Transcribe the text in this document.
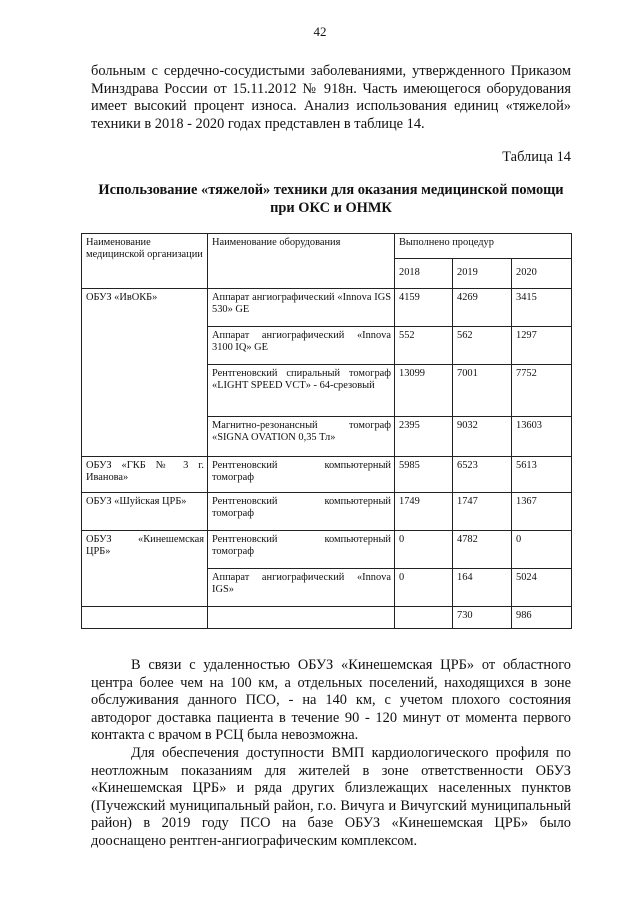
42

больным с сердечно-сосудистыми заболеваниями, утвержденного Приказом Минздрава России от 15.11.2012 № 918н. Часть имеющегося оборудования имеет высокий процент износа. Анализ использования единиц «тяжелой» техники в 2018 - 2020 годах представлен в таблице 14.

Таблица 14
Использование «тяжелой» техники для оказания медицинской помощи при ОКС и ОНМК
Наименование медицинской организации	Наименование оборудования	Выполнено процедур		
		2018	2019	2020
ОБУЗ «ИвОКБ»	Аппарат ангиографический «Innova IGS 530» GE	4159	4269	3415
	Аппарат ангиографический «Innova 3100 IQ» GE	552	562	1297
	Рентгеновский спиральный томограф «LIGHT SPEED VCT» - 64-срезовый	13099	7001	7752
	Магнитно-резонансный томограф «SIGNA OVATION 0,35 Тл»	2395	9032	13603
ОБУЗ «ГКБ № 3 г. Иванова»	Рентгеновский компьютерный томограф	5985	6523	5613
ОБУЗ «Шуйская ЦРБ»	Рентгеновский компьютерный томограф	1749	1747	1367
ОБУЗ «Кинешемская ЦРБ»	Рентгеновский компьютерный томограф	0	4782	0
	Аппарат ангиографический «Innova IGS»	0	164	5024
			730	986

В связи с удаленностью ОБУЗ «Кинешемская ЦРБ» от областного центра более чем на 100 км, а отдельных поселений, находящихся в зоне обслуживания данного ПСО, - на 140 км, с учетом плохого состояния автодорог доставка пациента в течение 90 - 120 минут от момента первого контакта с врачом в РСЦ была невозможна.

Для обеспечения доступности ВМП кардиологического профиля по неотложным показаниям для жителей в зоне ответственности ОБУЗ «Кинешемская ЦРБ» и ряда других близлежащих населенных пунктов (Пучежский муниципальный район, г.о. Вичуга и Вичугский муниципальный район) в 2019 году ПСО на базе ОБУЗ «Кинешемская ЦРБ» было дооснащено рентген-ангиографическим комплексом.
